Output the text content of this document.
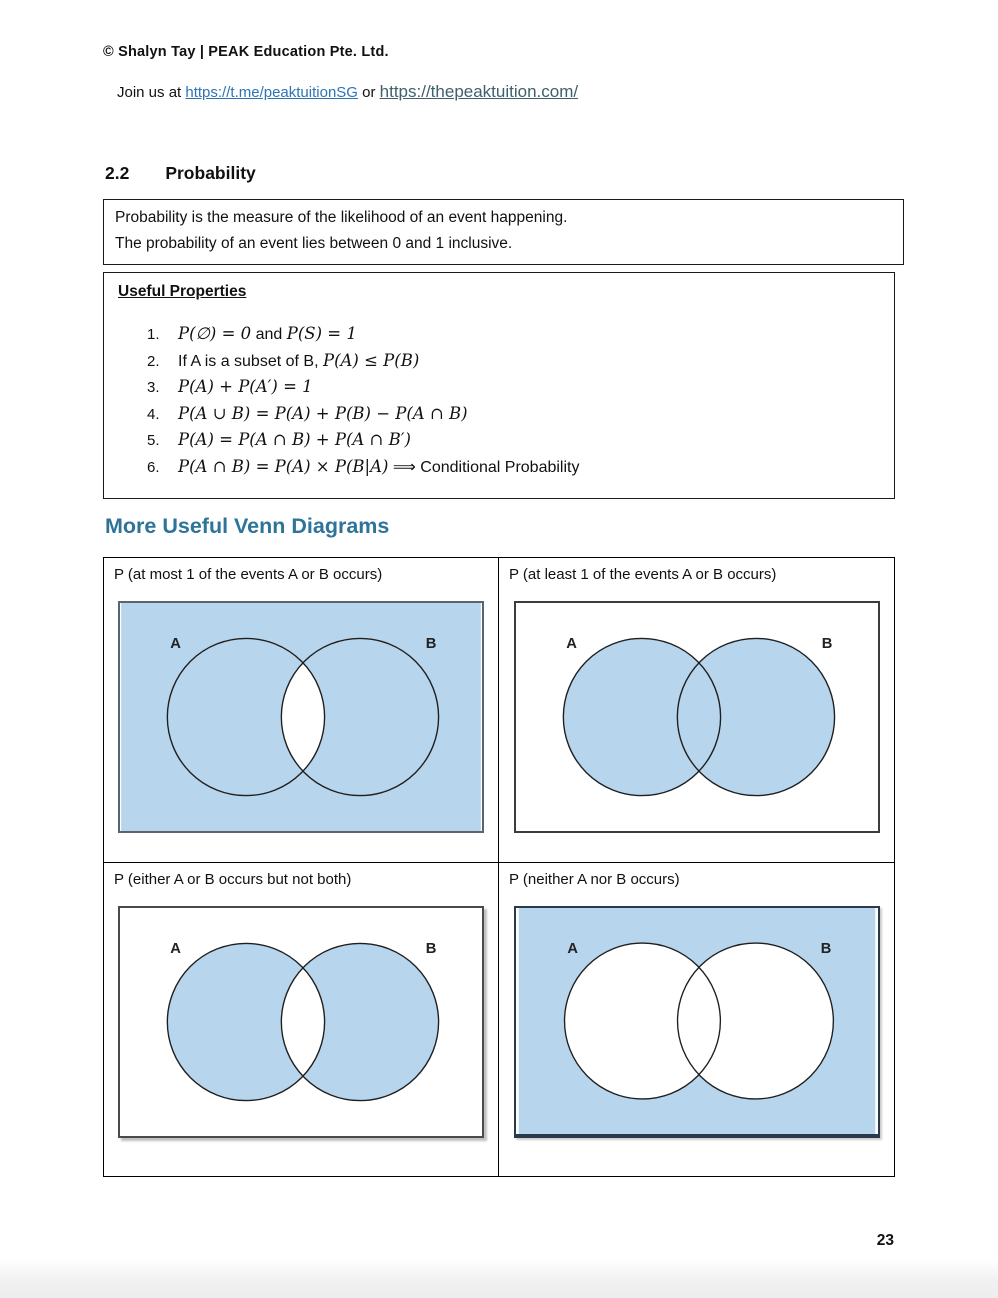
© Shalyn Tay | PEAK Education Pte. Ltd.
Join us at https://t.me/peaktuitionSG or https://thepeaktuition.com/
2.2 Probability
Probability is the measure of the likelihood of an event happening.
The probability of an event lies between 0 and 1 inclusive.
Useful Properties
1. P(∅) = 0 and P(S) = 1
2. If A is a subset of B, P(A) ≤ P(B)
3. P(A) + P(A′) = 1
4. P(A ∪ B) = P(A) + P(B) − P(A ∩ B)
5. P(A) = P(A ∩ B) + P(A ∩ B′)
6. P(A ∩ B) = P(A) × P(B|A) ⟹ Conditional Probability
More Useful Venn Diagrams
P (at most 1 of the events A or B occurs)
A	B
P (at least 1 of the events A or B occurs)
A	B
P (either A or B occurs but not both)
A	B
P (neither A nor B occurs)
A	B
23
